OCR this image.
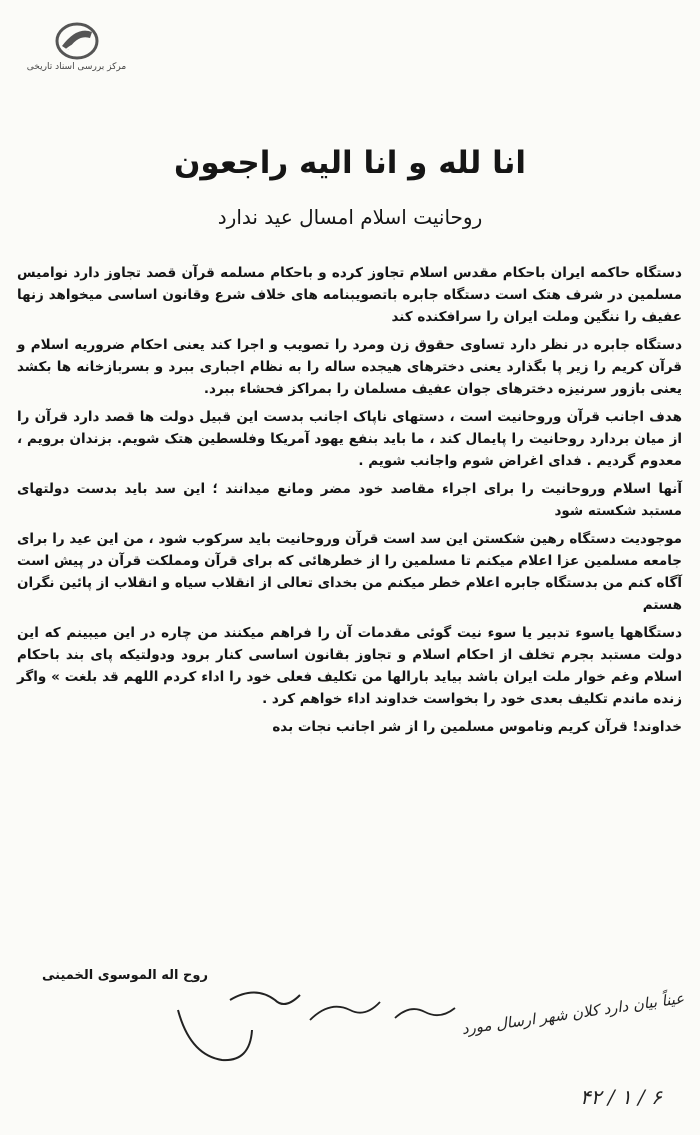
مرکز بررسی اسناد تاریخی
انا لله و انا الیه راجعون
روحانیت اسلام امسال عید ندارد

دستگاه حاکمه ایران باحکام مقدس اسلام تجاوز کرده و باحکام مسلمه قرآن قصد تجاوز دارد نوامیس مسلمین در شرف هتک است دستگاه جابره باتصویبنامه های خلاف شرع وقانون اساسی میخواهد زنها عفیف را ننگین وملت ایران را سرافکنده کند

دستگاه جابره در نظر دارد تساوی حقوق زن ومرد را تصویب و اجرا کند یعنی احکام ضروریه اسلام و قرآن کریم را زیر پا بگذارد یعنی دخترهای هیجده ساله را به نظام اجباری ببرد و بسربازخانه ها بکشد یعنی بازور سرنیزه دخترهای جوان عفیف مسلمان را بمراکز فحشاء ببرد.

هدف اجانب قرآن وروحانیت است ، دستهای ناپاک اجانب بدست این قبیل دولت ها قصد دارد قرآن را از میان بردارد روحانیت را پایمال کند ، ما باید بنفع یهود آمریکا وفلسطین هتک شویم. بزندان برویم ، معدوم گردیم . فدای اغراض شوم واجانب شویم .

آنها اسلام وروحانیت را برای اجراء مقاصد خود مضر ومانع میدانند ؛ این سد باید بدست دولتهای مستبد شکسته شود

موجودیت دستگاه رهین شکستن این سد است قرآن وروحانیت باید سرکوب شود ، من این عید را برای جامعه مسلمین عزا اعلام میکنم تا مسلمین را از خطرهائی که برای قرآن ومملکت قرآن در پیش است آگاه کنم من بدستگاه جابره اعلام خطر میکنم من بخدای تعالی از انقلاب سیاه و انقلاب از پائین نگران هستم

دستگاهها یاسوء تدبیر یا سوء نیت گوئی مقدمات آن را فراهم میکنند من چاره در این میبینم که این دولت مستبد بجرم تخلف از احکام اسلام و تجاوز بقانون اساسی کنار برود ودولتیکه پای بند باحکام اسلام وغم خوار ملت ایران باشد بیاید بارالها من تکلیف فعلی خود را اداء کردم اللهم قد بلغت » واگر زنده ماندم تکلیف بعدی خود را بخواست خداوند اداء خواهم کرد .

خداوند! قرآن کریم وناموس مسلمین را از شر اجانب نجات بده

روح اله الموسوی الخمینی
عیناً بیان دارد کلان شهر ارسال مورد
۶ / ۱ / ۴۲
